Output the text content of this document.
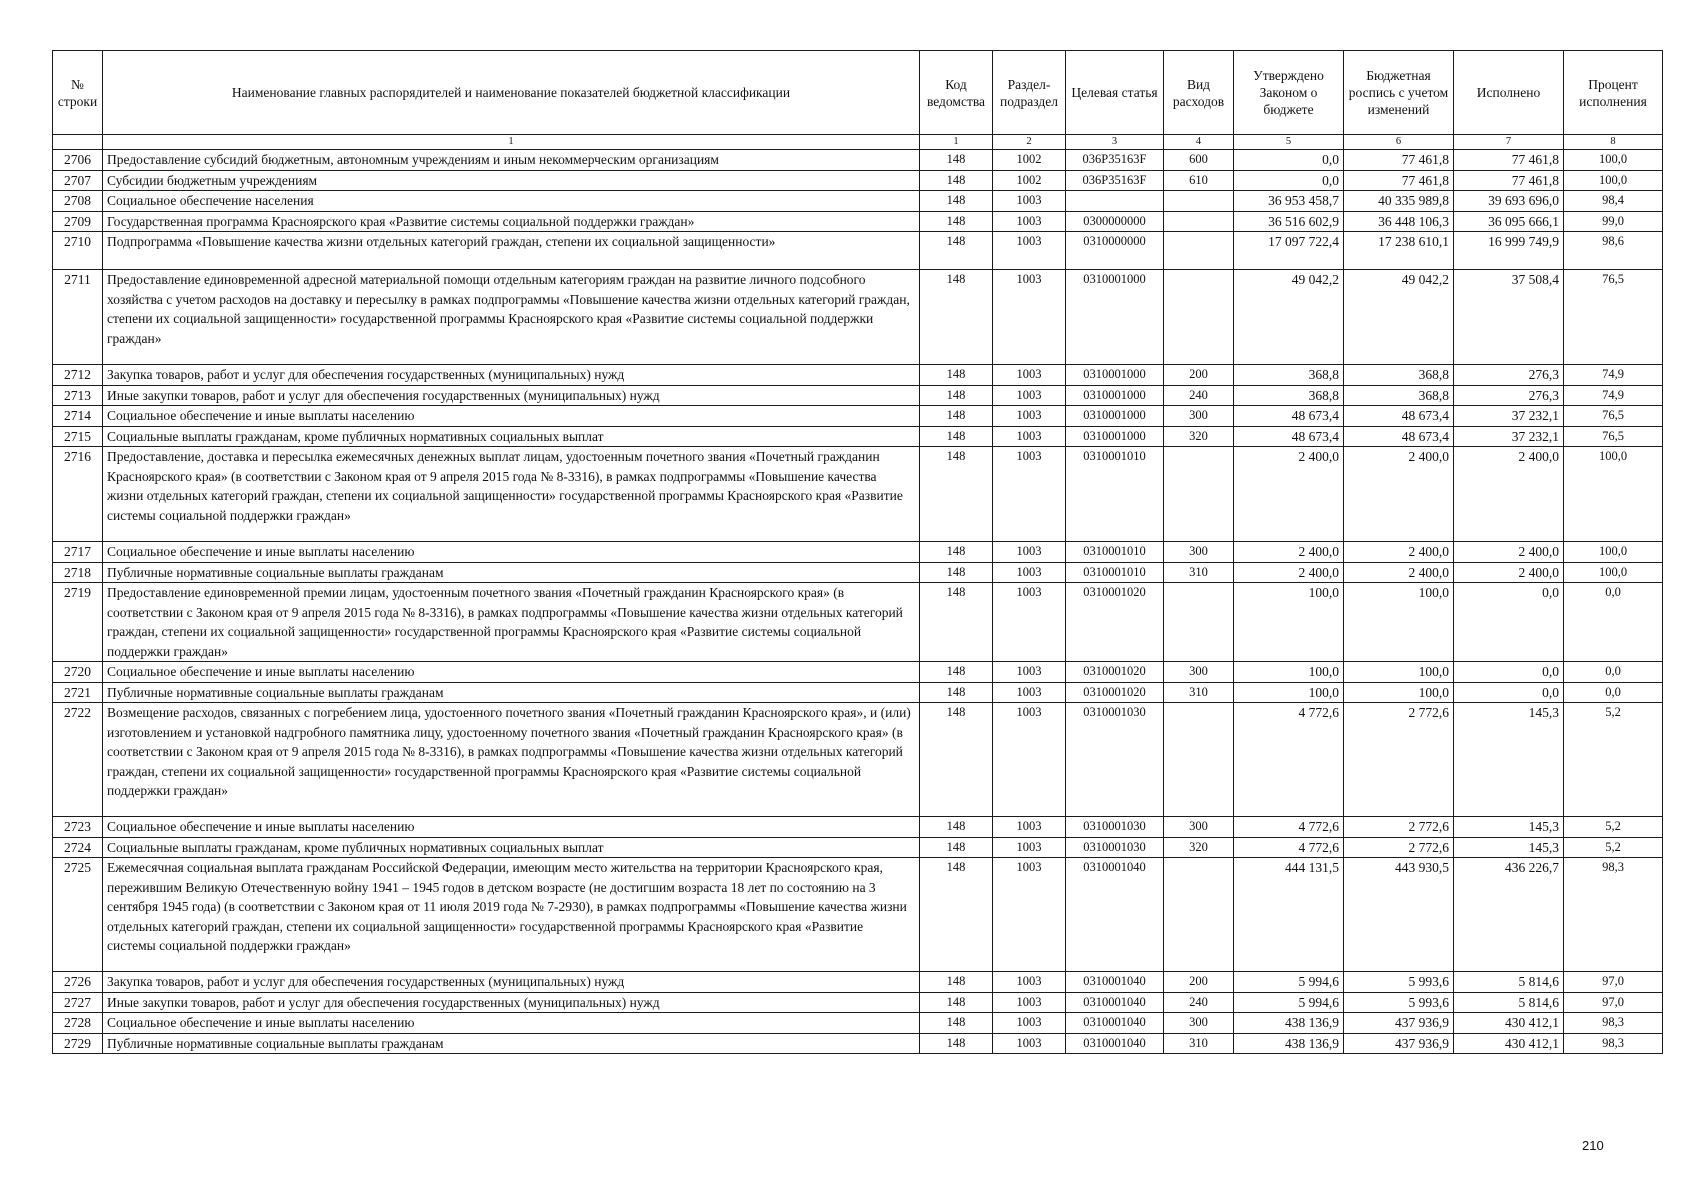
№ строки	Наименование главных распорядителей и наименование показателей бюджетной классификации	Код ведомства	Раздел-подраздел	Целевая статья	Вид расходов	Утверждено Законом о бюджете	Бюджетная роспись с учетом изменений	Исполнено	Процент исполнения
	1	1	2	3	4	5	6	7	8
2706	Предоставление субсидий бюджетным, автономным учреждениям и иным некоммерческим организациям	148	1002	036P35163F	600	0,0	77 461,8	77 461,8	100,0
2707	Субсидии бюджетным учреждениям	148	1002	036P35163F	610	0,0	77 461,8	77 461,8	100,0
2708	Социальное обеспечение населения	148	1003			36 953 458,7	40 335 989,8	39 693 696,0	98,4
2709	Государственная программа Красноярского края «Развитие системы социальной поддержки граждан»	148	1003	0300000000		36 516 602,9	36 448 106,3	36 095 666,1	99,0
2710	Подпрограмма «Повышение качества жизни отдельных категорий граждан, степени их социальной защищенности»	148	1003	0310000000		17 097 722,4	17 238 610,1	16 999 749,9	98,6
2711	Предоставление единовременной адресной материальной помощи отдельным категориям граждан на развитие личного подсобного хозяйства с учетом расходов на доставку и пересылку в рамках подпрограммы «Повышение качества жизни отдельных категорий граждан, степени их социальной защищенности» государственной программы Красноярского края «Развитие системы социальной поддержки граждан»	148	1003	0310001000		49 042,2	49 042,2	37 508,4	76,5
2712	Закупка товаров, работ и услуг для обеспечения государственных (муниципальных) нужд	148	1003	0310001000	200	368,8	368,8	276,3	74,9
2713	Иные закупки товаров, работ и услуг для обеспечения государственных (муниципальных) нужд	148	1003	0310001000	240	368,8	368,8	276,3	74,9
2714	Социальное обеспечение и иные выплаты населению	148	1003	0310001000	300	48 673,4	48 673,4	37 232,1	76,5
2715	Социальные выплаты гражданам, кроме публичных нормативных социальных выплат	148	1003	0310001000	320	48 673,4	48 673,4	37 232,1	76,5
2716	Предоставление, доставка и пересылка ежемесячных денежных выплат лицам, удостоенным почетного звания «Почетный гражданин Красноярского края» (в соответствии с Законом края от 9 апреля 2015 года № 8-3316), в рамках подпрограммы «Повышение качества жизни отдельных категорий граждан, степени их социальной защищенности» государственной программы Красноярского края «Развитие системы социальной поддержки граждан»	148	1003	0310001010		2 400,0	2 400,0	2 400,0	100,0
2717	Социальное обеспечение и иные выплаты населению	148	1003	0310001010	300	2 400,0	2 400,0	2 400,0	100,0
2718	Публичные нормативные социальные выплаты гражданам	148	1003	0310001010	310	2 400,0	2 400,0	2 400,0	100,0
2719	Предоставление единовременной премии лицам, удостоенным почетного звания «Почетный гражданин Красноярского края» (в соответствии с Законом края от 9 апреля 2015 года № 8-3316), в рамках подпрограммы «Повышение качества жизни отдельных категорий граждан, степени их социальной защищенности» государственной программы Красноярского края «Развитие системы социальной поддержки граждан»	148	1003	0310001020		100,0	100,0	0,0	0,0
2720	Социальное обеспечение и иные выплаты населению	148	1003	0310001020	300	100,0	100,0	0,0	0,0
2721	Публичные нормативные социальные выплаты гражданам	148	1003	0310001020	310	100,0	100,0	0,0	0,0
2722	Возмещение расходов, связанных с погребением лица, удостоенного почетного звания «Почетный гражданин Красноярского края», и (или) изготовлением и установкой надгробного памятника лицу, удостоенному почетного звания «Почетный гражданин Красноярского края» (в соответствии с Законом края от 9 апреля 2015 года № 8-3316), в рамках подпрограммы «Повышение качества жизни отдельных категорий граждан, степени их социальной защищенности» государственной программы Красноярского края «Развитие системы социальной поддержки граждан»	148	1003	0310001030		4 772,6	2 772,6	145,3	5,2
2723	Социальное обеспечение и иные выплаты населению	148	1003	0310001030	300	4 772,6	2 772,6	145,3	5,2
2724	Социальные выплаты гражданам, кроме публичных нормативных социальных выплат	148	1003	0310001030	320	4 772,6	2 772,6	145,3	5,2
2725	Ежемесячная социальная выплата гражданам Российской Федерации, имеющим место жительства на территории Красноярского края, пережившим Великую Отечественную войну 1941 – 1945 годов в детском возрасте (не достигшим возраста 18 лет по состоянию на 3 сентября 1945 года) (в соответствии с Законом края от 11 июля 2019 года № 7-2930), в рамках подпрограммы «Повышение качества жизни отдельных категорий граждан, степени их социальной защищенности» государственной программы Красноярского края «Развитие системы социальной поддержки граждан»	148	1003	0310001040		444 131,5	443 930,5	436 226,7	98,3
2726	Закупка товаров, работ и услуг для обеспечения государственных (муниципальных) нужд	148	1003	0310001040	200	5 994,6	5 993,6	5 814,6	97,0
2727	Иные закупки товаров, работ и услуг для обеспечения государственных (муниципальных) нужд	148	1003	0310001040	240	5 994,6	5 993,6	5 814,6	97,0
2728	Социальное обеспечение и иные выплаты населению	148	1003	0310001040	300	438 136,9	437 936,9	430 412,1	98,3
2729	Публичные нормативные социальные выплаты гражданам	148	1003	0310001040	310	438 136,9	437 936,9	430 412,1	98,3
210
